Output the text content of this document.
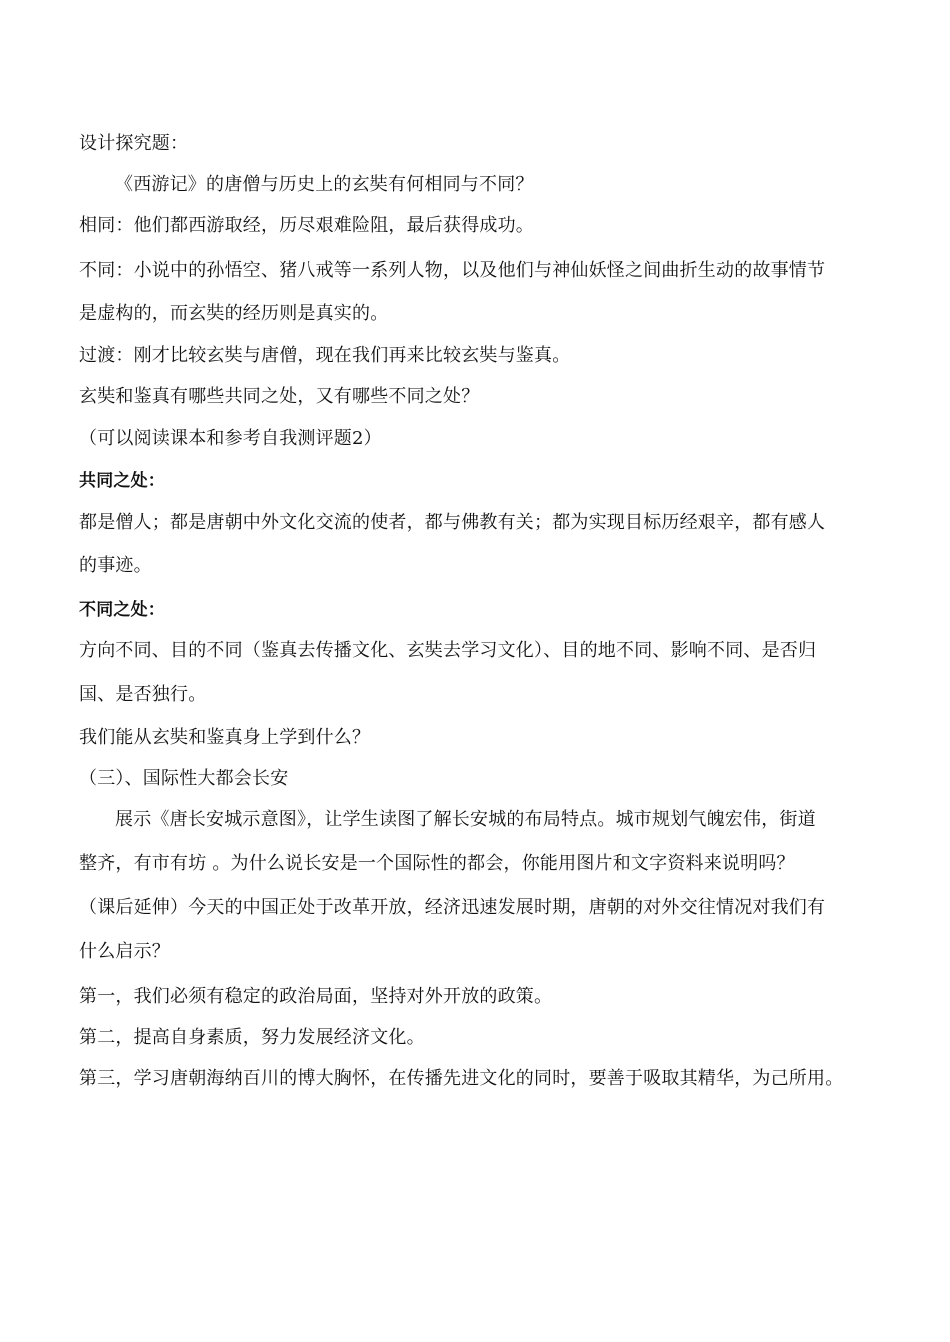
设计探究题：
《西游记》的唐僧与历史上的玄奘有何相同与不同？
相同：他们都西游取经，历尽艰难险阻，最后获得成功。
不同：小说中的孙悟空、猪八戒等一系列人物，以及他们与神仙妖怪之间曲折生动的故事情节
是虚构的，而玄奘的经历则是真实的。
过渡：刚才比较玄奘与唐僧，现在我们再来比较玄奘与鉴真。
玄奘和鉴真有哪些共同之处，又有哪些不同之处？
（可以阅读课本和参考自我测评题2）
共同之处：
都是僧人；都是唐朝中外文化交流的使者，都与佛教有关；都为实现目标历经艰辛，都有感人
的事迹。
不同之处：
方向不同、目的不同（鉴真去传播文化、玄奘去学习文化）、目的地不同、影响不同、是否归
国、是否独行。
我们能从玄奘和鉴真身上学到什么？
（三）、国际性大都会长安
展示《唐长安城示意图》，让学生读图了解长安城的布局特点。城市规划气魄宏伟，街道
整齐，有市有坊 。为什么说长安是一个国际性的都会，你能用图片和文字资料来说明吗？
（课后延伸）今天的中国正处于改革开放，经济迅速发展时期，唐朝的对外交往情况对我们有
什么启示？
第一，我们必须有稳定的政治局面，坚持对外开放的政策。
第二，提高自身素质，努力发展经济文化。
第三，学习唐朝海纳百川的博大胸怀，在传播先进文化的同时，要善于吸取其精华，为己所用。
